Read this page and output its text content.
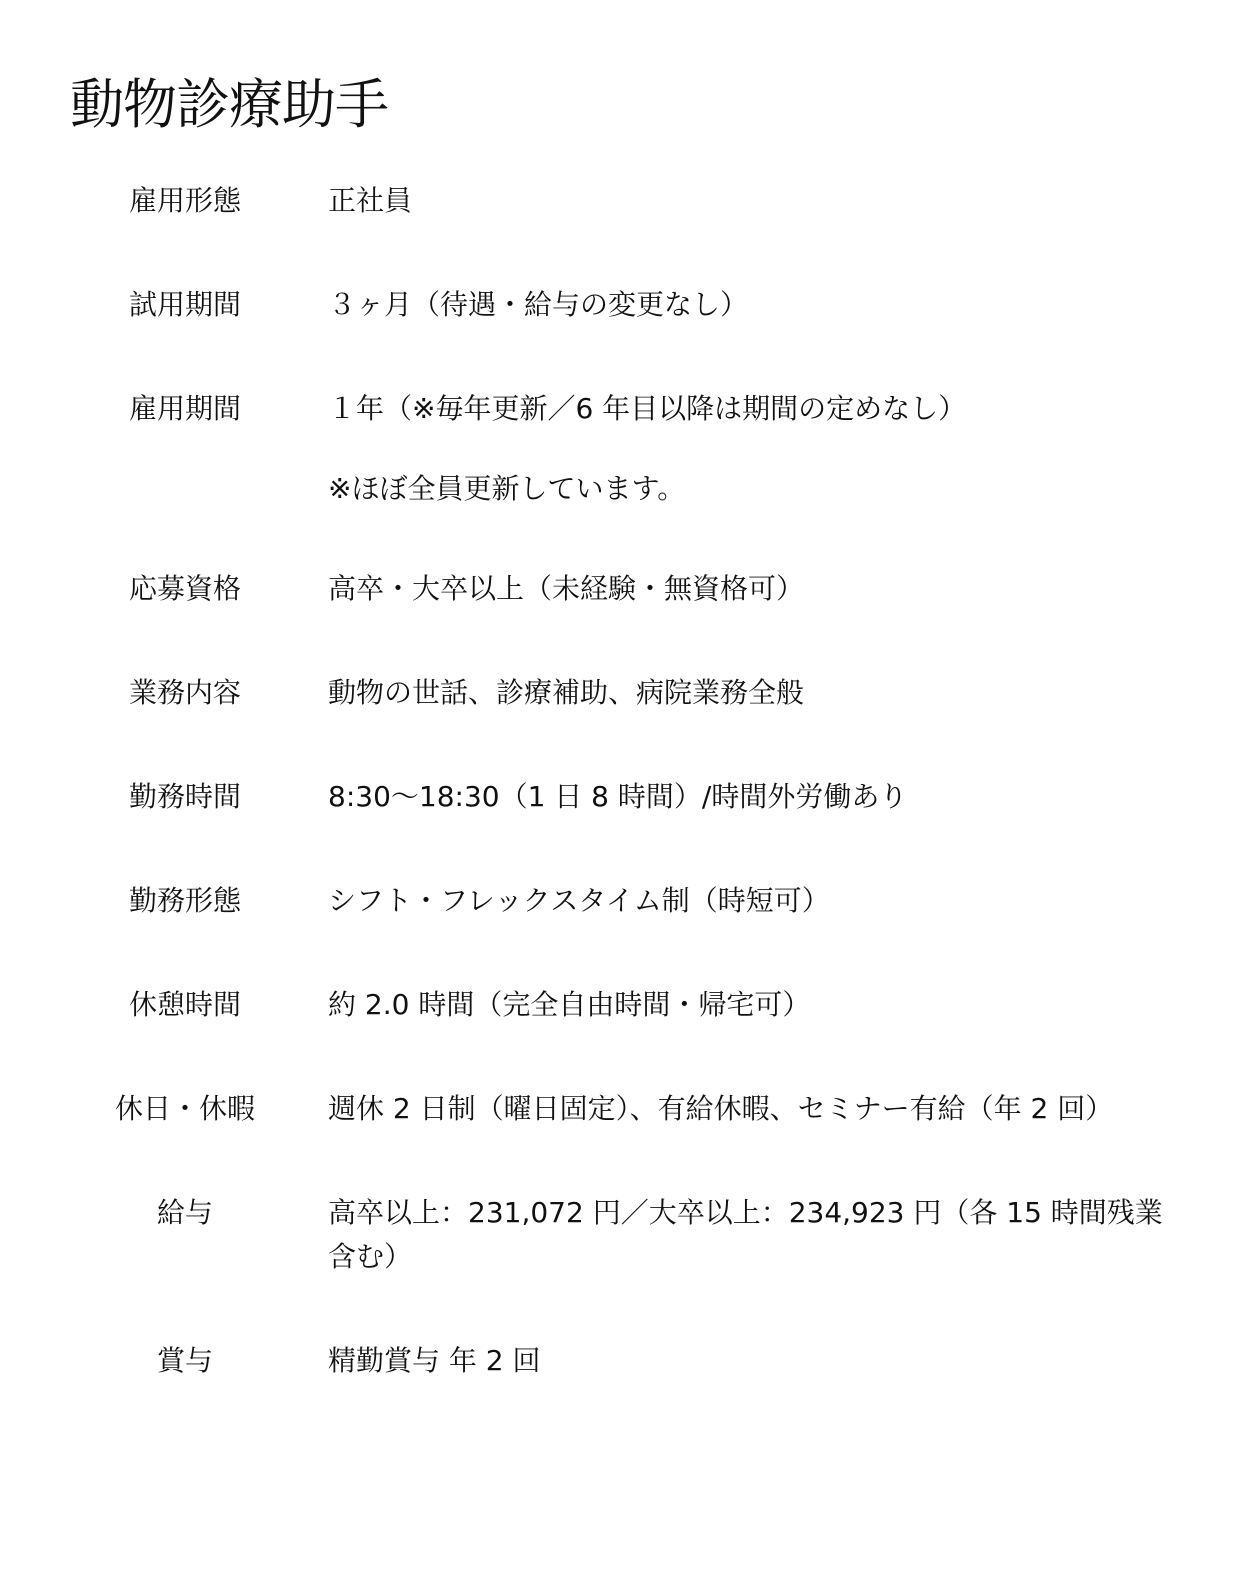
動物診療助手
雇用形態	正社員

試用期間	３ヶ月（待遇・給与の変更なし）

雇用期間	１年（※毎年更新／6 年目以降は期間の定めなし）

※ほぼ全員更新しています。

応募資格	高卒・大卒以上（未経験・無資格可）

業務内容	動物の世話、診療補助、病院業務全般

勤務時間	8:30〜18:30（1 日 8 時間）/時間外労働あり

勤務形態	シフト・フレックスタイム制（時短可）

休憩時間	約 2.0 時間（完全自由時間・帰宅可）

休日・休暇	週休 2 日制（曜日固定）、有給休暇、セミナー有給（年 2 回）

給与	高卒以上：231,072 円／大卒以上：234,923 円（各 15 時間残業含む）

賞与	精勤賞与 年 2 回
